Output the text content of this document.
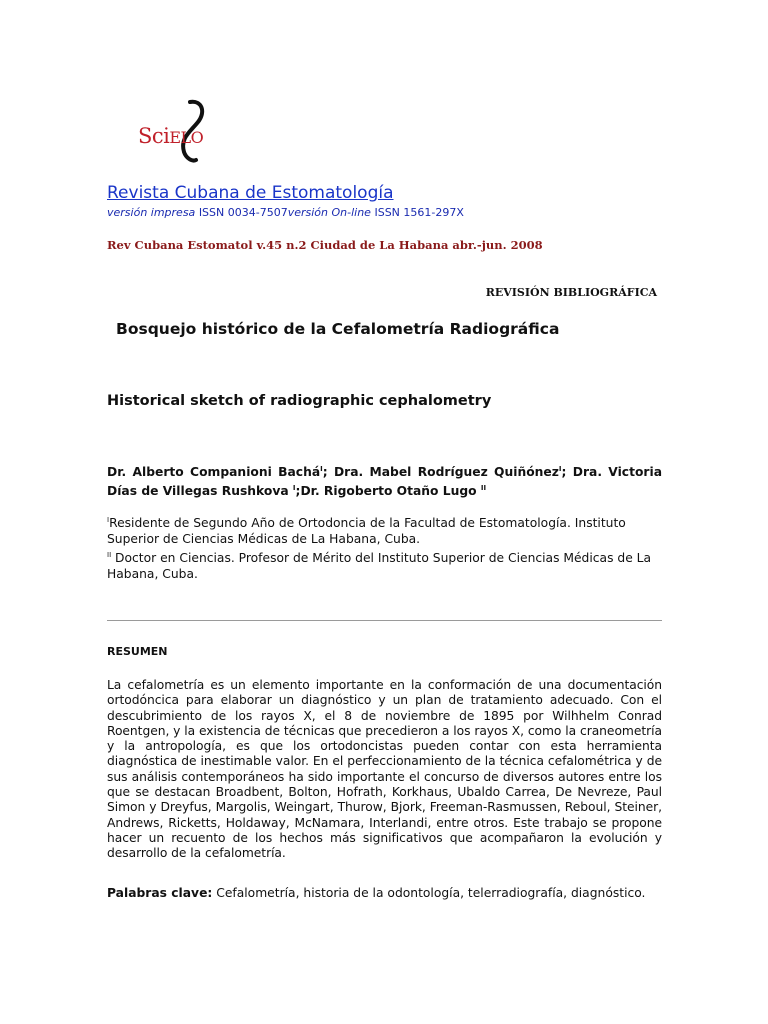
SciELO
Revista Cubana de Estomatología
versión impresa ISSN 0034-7507versión On-line ISSN 1561-297X
Rev Cubana Estomatol v.45 n.2 Ciudad de La Habana abr.-jun. 2008
REVISIÓN BIBLIOGRÁFICA
Bosquejo histórico de la Cefalometría Radiográfica
Historical sketch of radiographic cephalometry
Dr. Alberto Companioni Bachá$^I$; Dra. Mabel Rodríguez Quiñónez$^I$; Dra. Victoria Días de Villegas Rushkova $^I$;Dr. Rigoberto Otaño Lugo $^{II}$
$^I$Residente de Segundo Año de Ortodoncia de la Facultad de Estomatología. Instituto Superior de Ciencias Médicas de La Habana, Cuba.
$^{II}$ Doctor en Ciencias. Profesor de Mérito del Instituto Superior de Ciencias Médicas de La Habana, Cuba.
RESUMEN
La cefalometría es un elemento importante en la conformación de una documentación ortodóncica para elaborar un diagnóstico y un plan de tratamiento adecuado. Con el descubrimiento de los rayos X, el 8 de noviembre de 1895 por Wilhhelm Conrad Roentgen, y la existencia de técnicas que precedieron a los rayos X, como la craneometría y la antropología, es que los ortodoncistas pueden contar con esta herramienta diagnóstica de inestimable valor. En el perfeccionamiento de la técnica cefalométrica y de sus análisis contemporáneos ha sido importante el concurso de diversos autores entre los que se destacan Broadbent, Bolton, Hofrath, Korkhaus, Ubaldo Carrea, De Nevreze, Paul Simon y Dreyfus, Margolis, Weingart, Thurow, Bjork, Freeman-Rasmussen, Reboul, Steiner, Andrews, Ricketts, Holdaway, McNamara, Interlandi, entre otros. Este trabajo se propone hacer un recuento de los hechos más significativos que acompañaron la evolución y desarrollo de la cefalometría.
Palabras clave: Cefalometría, historia de la odontología, telerradiografía, diagnóstico.
